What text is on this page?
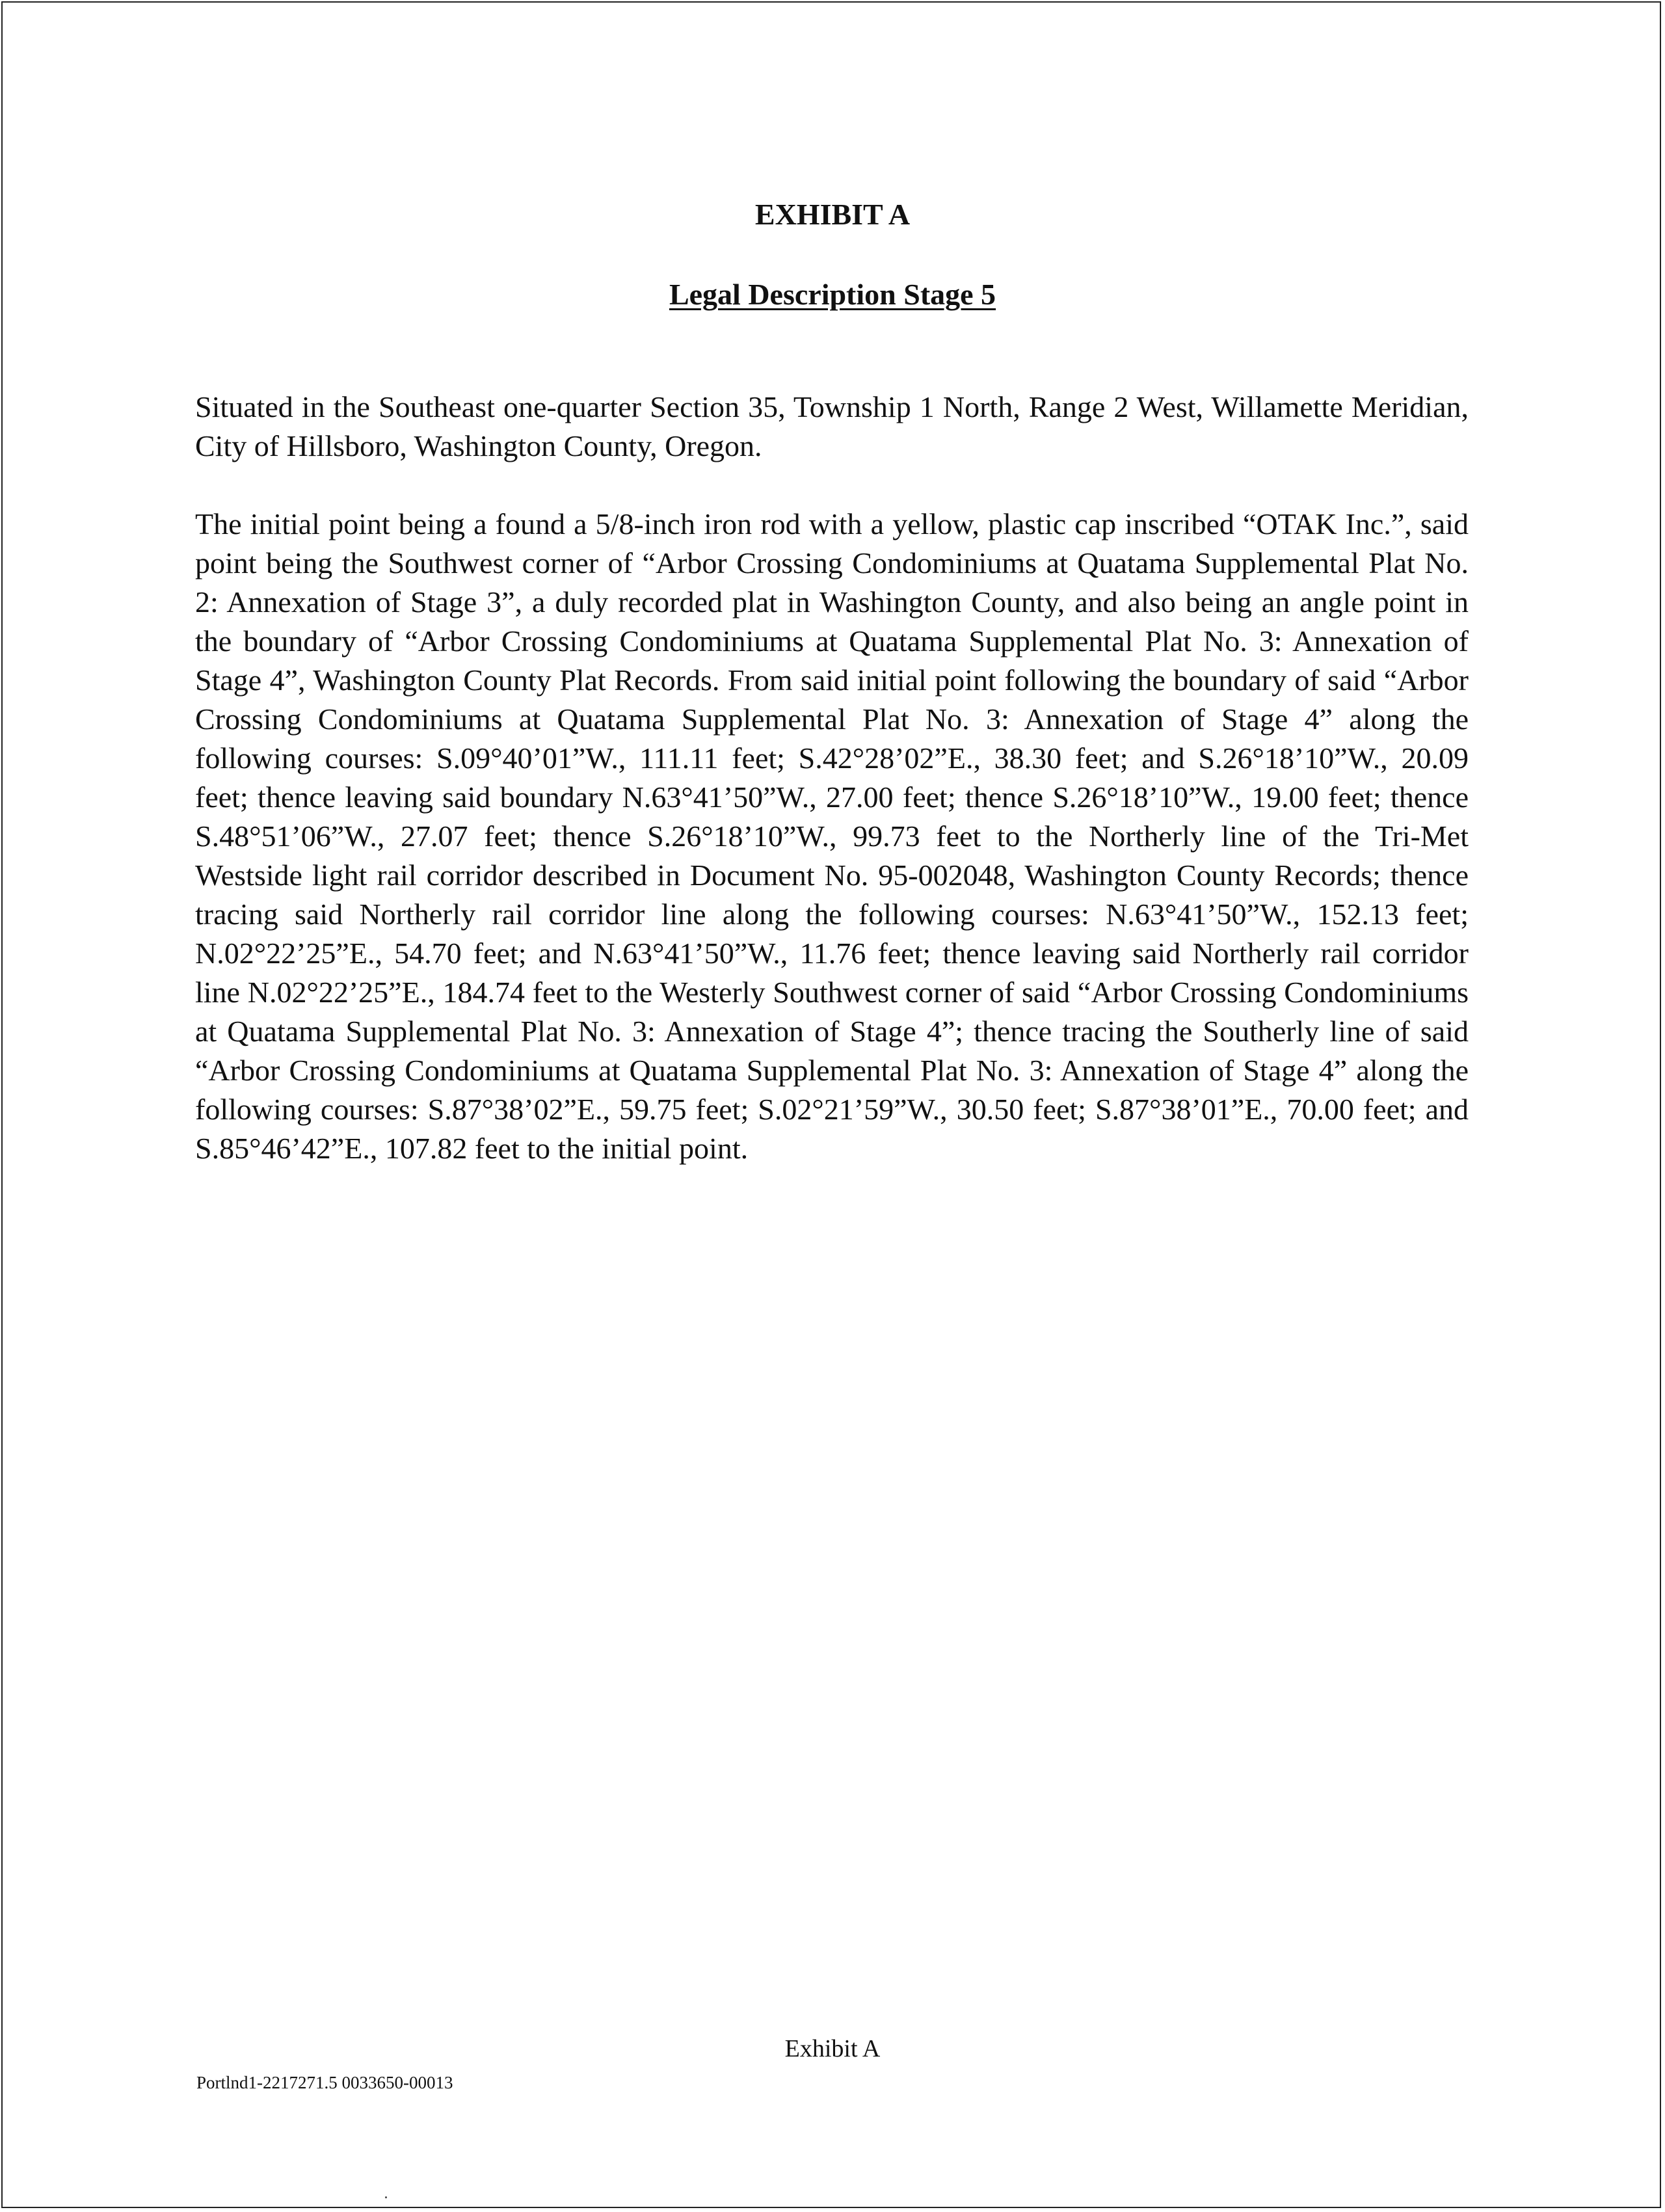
EXHIBIT A
Legal Description Stage 5

Situated in the Southeast one-quarter Section 35, Township 1 North, Range 2 West, Willamette Meridian, City of Hillsboro, Washington County, Oregon.

The initial point being a found a 5/8-inch iron rod with a yellow, plastic cap inscribed “OTAK Inc.”, said point being the Southwest corner of “Arbor Crossing Condominiums at Quatama Supplemental Plat No. 2: Annexation of Stage 3”, a duly recorded plat in Washington County, and also being an angle point in the boundary of “Arbor Crossing Condominiums at Quatama Supplemental Plat No. 3: Annexation of Stage 4”, Washington County Plat Records. From said initial point following the boundary of said “Arbor Crossing Condominiums at Quatama Supplemental Plat No. 3: Annexation of Stage 4” along the following courses: S.09°40’01”W., 111.11 feet; S.42°28’02”E., 38.30 feet; and S.26°18’10”W., 20.09 feet; thence leaving said boundary N.63°41’50”W., 27.00 feet; thence S.26°18’10”W., 19.00 feet; thence S.48°51’06”W., 27.07 feet; thence S.26°18’10”W., 99.73 feet to the Northerly line of the Tri-Met Westside light rail corridor described in Document No. 95-002048, Washington County Records; thence tracing said Northerly rail corridor line along the following courses: N.63°41’50”W., 152.13 feet; N.02°22’25”E., 54.70 feet; and N.63°41’50”W., 11.76 feet; thence leaving said Northerly rail corridor line N.02°22’25”E., 184.74 feet to the Westerly Southwest corner of said “Arbor Crossing Condominiums at Quatama Supplemental Plat No. 3: Annexation of Stage 4”; thence tracing the Southerly line of said “Arbor Crossing Condominiums at Quatama Supplemental Plat No. 3: Annexation of Stage 4” along the following courses: S.87°38’02”E., 59.75 feet; S.02°21’59”W., 30.50 feet; S.87°38’01”E., 70.00 feet; and S.85°46’42”E., 107.82 feet to the initial point.

Exhibit A

Portlnd1-2217271.5 0033650-00013
